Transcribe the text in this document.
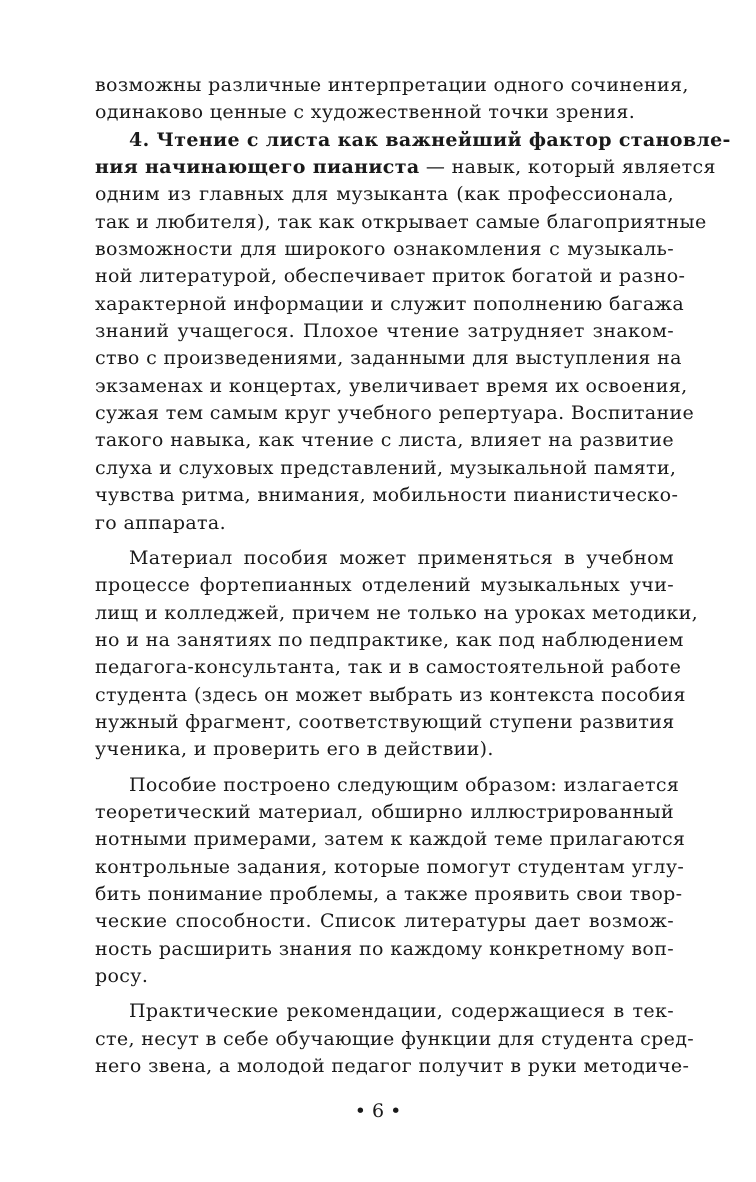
возможны различные интерпретации одного сочинения,
одинаково ценные с художественной точки зрения.
4. Чтение с листа как важнейший фактор становле-
ния начинающего пианиста — навык, который является
одним из главных для музыканта (как профессионала,
так и любителя), так как открывает самые благоприятные
возможности для широкого ознакомления с музыкаль-
ной литературой, обеспечивает приток богатой и разно-
характерной информации и служит пополнению багажа
знаний учащегося. Плохое чтение затрудняет знаком-
ство с произведениями, заданными для выступления на
экзаменах и концертах, увеличивает время их освоения,
сужая тем самым круг учебного репертуара. Воспитание
такого навыка, как чтение с листа, влияет на развитие
слуха и слуховых представлений, музыкальной памяти,
чувства ритма, внимания, мобильности пианистическо-
го аппарата.
Материал пособия может применяться в учебном
процессе фортепианных отделений музыкальных учи-
лищ и колледжей, причем не только на уроках методики,
но и на занятиях по педпрактике, как под наблюдением
педагога-консультанта, так и в самостоятельной работе
студента (здесь он может выбрать из контекста пособия
нужный фрагмент, соответствующий ступени развития
ученика, и проверить его в действии).
Пособие построено следующим образом: излагается
теоретический материал, обширно иллюстрированный
нотными примерами, затем к каждой теме прилагаются
контрольные задания, которые помогут студентам углу-
бить понимание проблемы, а также проявить свои твор-
ческие способности. Список литературы дает возмож-
ность расширить знания по каждому конкретному воп-
росу.
Практические рекомендации, содержащиеся в тек-
сте, несут в себе обучающие функции для студента сред-
него звена, а молодой педагог получит в руки методиче-
• 6 •
